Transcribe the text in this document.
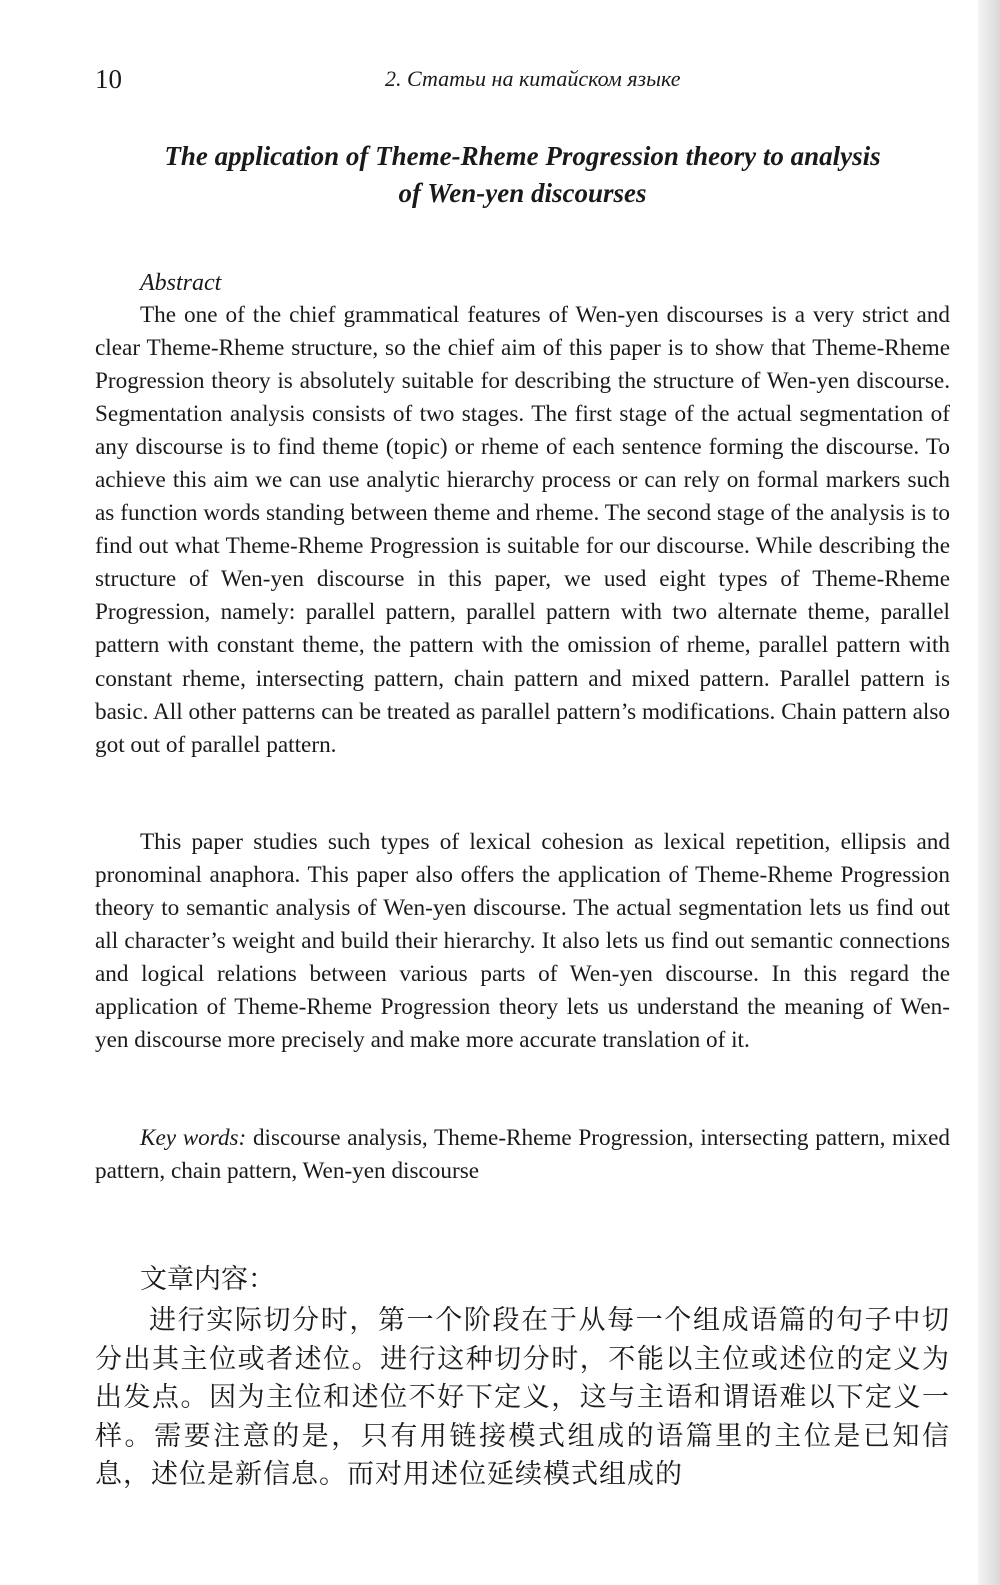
10	2. Статьи на китайском языке
The application of Theme-Rheme Progression theory to analysis of Wen-yen discourses
Abstract

The one of the chief grammatical features of Wen-yen discourses is a very strict and clear Theme-Rheme structure, so the chief aim of this paper is to show that Theme-Rheme Progression theory is absolutely suitable for describing the structure of Wen-yen discourse. Segmentation analysis consists of two stages. The first stage of the actual segmentation of any discourse is to find theme (topic) or rheme of each sentence forming the discourse. To achieve this aim we can use analytic hierarchy process or can rely on formal markers such as function words standing between theme and rheme. The second stage of the analysis is to find out what Theme-Rheme Progression is suitable for our discourse. While describing the structure of Wen-yen discourse in this paper, we used eight types of Theme-Rheme Progression, namely: parallel pattern, parallel pattern with two alternate theme, parallel pattern with constant theme, the pattern with the omission of rheme, parallel pattern with constant rheme, intersecting pattern, chain pattern and mixed pattern. Parallel pattern is basic. All other patterns can be treated as parallel pattern’s modifications. Chain pattern also got out of parallel pattern.

This paper studies such types of lexical cohesion as lexical repetition, ellipsis and pronominal anaphora. This paper also offers the application of Theme-Rheme Progression theory to semantic analysis of Wen-yen discourse. The actual segmentation lets us find out all character’s weight and build their hierarchy. It also lets us find out semantic connections and logical relations between various parts of Wen-yen discourse. In this regard the application of Theme-Rheme Progression theory lets us understand the meaning of Wen-yen discourse more precisely and make more accurate translation of it.

Key words: discourse analysis, Theme-Rheme Progression, intersecting pattern, mixed pattern, chain pattern, Wen-yen discourse

文章内容：

进行实际切分时，第一个阶段在于从每一个组成语篇的句子中切分出其主位或者述位。进行这种切分时，不能以主位或述位的定义为出发点。因为主位和述位不好下定义，这与主语和谓语难以下定义一样。需要注意的是，只有用链接模式组成的语篇里的主位是已知信息，述位是新信息。而对用述位延续模式组成的
